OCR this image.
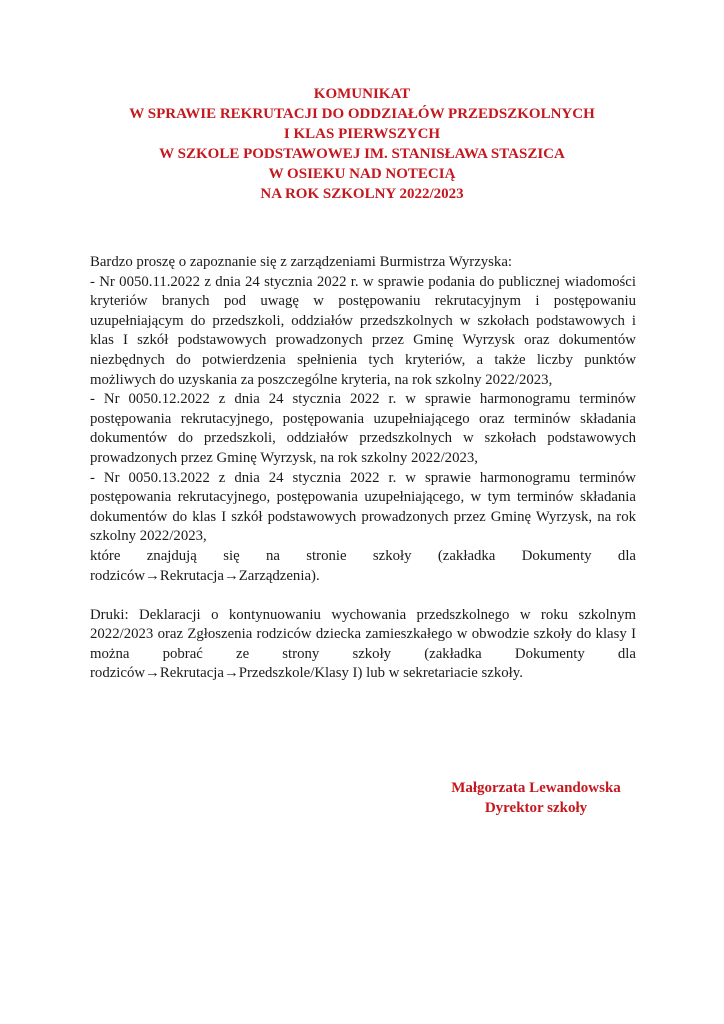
KOMUNIKAT
W SPRAWIE REKRUTACJI DO ODDZIAŁÓW PRZEDSZKOLNYCH
I KLAS PIERWSZYCH
W SZKOLE PODSTAWOWEJ IM. STANISŁAWA STASZICA
W OSIEKU NAD NOTECIĄ
NA ROK SZKOLNY 2022/2023

Bardzo proszę o zapoznanie się z zarządzeniami Burmistrza Wyrzyska:

- Nr 0050.11.2022 z dnia 24 stycznia 2022 r. w sprawie podania do publicznej wiadomości kryteriów branych pod uwagę w postępowaniu rekrutacyjnym i postępowaniu uzupełniającym do przedszkoli, oddziałów przedszkolnych w szkołach podstawowych i klas I szkół podstawowych prowadzonych przez Gminę Wyrzysk oraz dokumentów niezbędnych do potwierdzenia spełnienia tych kryteriów, a także liczby punktów możliwych do uzyskania za poszczególne kryteria, na rok szkolny 2022/2023,

- Nr 0050.12.2022 z dnia 24 stycznia 2022 r. w sprawie harmonogramu terminów postępowania rekrutacyjnego, postępowania uzupełniającego oraz terminów składania dokumentów do przedszkoli, oddziałów przedszkolnych w szkołach podstawowych prowadzonych przez Gminę Wyrzysk, na rok szkolny 2022/2023,

- Nr 0050.13.2022 z dnia 24 stycznia 2022 r. w sprawie harmonogramu terminów postępowania rekrutacyjnego, postępowania uzupełniającego, w tym terminów składania dokumentów do klas I szkół podstawowych prowadzonych przez Gminę Wyrzysk, na rok szkolny 2022/2023,

które znajdują się na stronie szkoły (zakładka Dokumenty dla rodziców→Rekrutacja→Zarządzenia).

Druki: Deklaracji o kontynuowaniu wychowania przedszkolnego w roku szkolnym 2022/2023 oraz Zgłoszenia rodziców dziecka zamieszkałego w obwodzie szkoły do klasy I można pobrać ze strony szkoły (zakładka Dokumenty dla rodziców→Rekrutacja→Przedszkole/Klasy I) lub w sekretariacie szkoły.

Małgorzata Lewandowska
Dyrektor szkoły
